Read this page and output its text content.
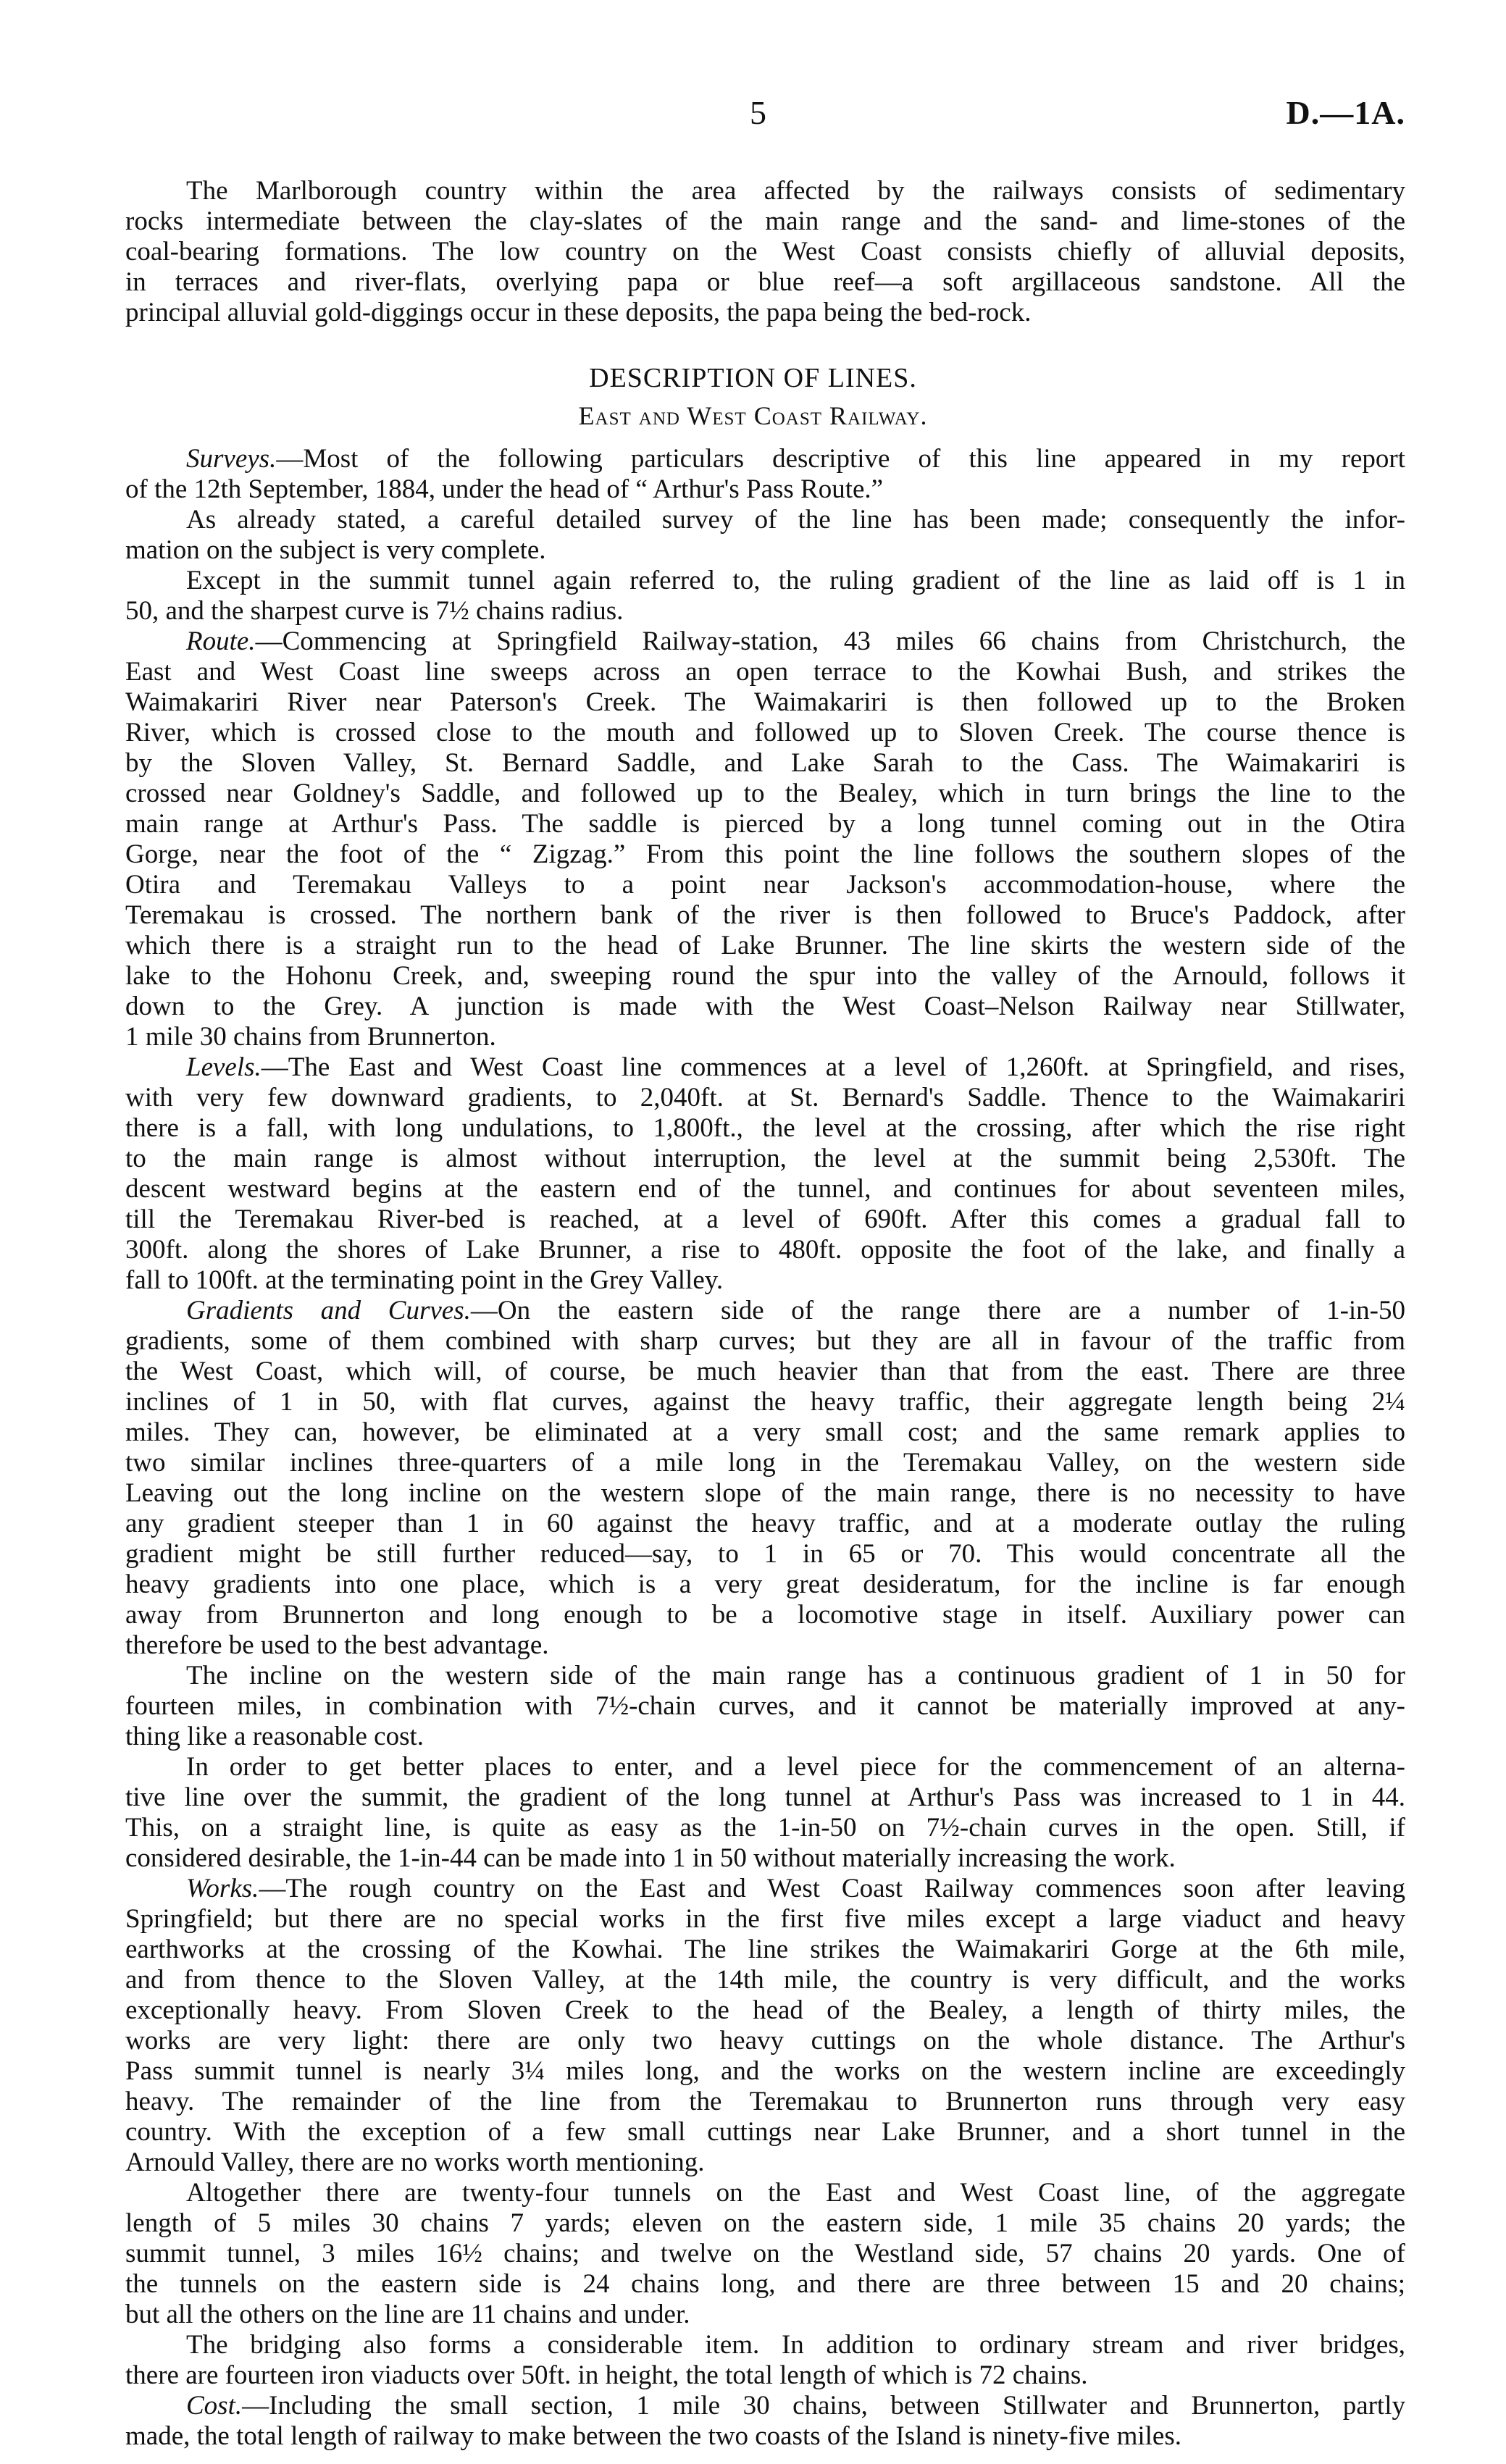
5	D.—1A.
The Marlborough country within the area affected by the railways consists of sedimentary
rocks intermediate between the clay-slates of the main range and the sand- and lime-stones of the
coal-bearing formations. The low country on the West Coast consists chiefly of alluvial deposits,
in terraces and river-flats, overlying papa or blue reef—a soft argillaceous sandstone. All the
principal alluvial gold-diggings occur in these deposits, the papa being the bed-rock.
DESCRIPTION OF LINES.
East and West Coast Railway.
Surveys.—Most of the following particulars descriptive of this line appeared in my report
of the 12th September, 1884, under the head of “ Arthur's Pass Route.”
As already stated, a careful detailed survey of the line has been made; consequently the infor-
mation on the subject is very complete.
Except in the summit tunnel again referred to, the ruling gradient of the line as laid off is 1 in
50, and the sharpest curve is 7½ chains radius.
Route.—Commencing at Springfield Railway-station, 43 miles 66 chains from Christchurch, the
East and West Coast line sweeps across an open terrace to the Kowhai Bush, and strikes the
Waimakariri River near Paterson's Creek. The Waimakariri is then followed up to the Broken
River, which is crossed close to the mouth and followed up to Sloven Creek. The course thence is
by the Sloven Valley, St. Bernard Saddle, and Lake Sarah to the Cass. The Waimakariri is
crossed near Goldney's Saddle, and followed up to the Bealey, which in turn brings the line to the
main range at Arthur's Pass. The saddle is pierced by a long tunnel coming out in the Otira
Gorge, near the foot of the “ Zigzag.” From this point the line follows the southern slopes of the
Otira and Teremakau Valleys to a point near Jackson's accommodation-house, where the
Teremakau is crossed. The northern bank of the river is then followed to Bruce's Paddock, after
which there is a straight run to the head of Lake Brunner. The line skirts the western side of the
lake to the Hohonu Creek, and, sweeping round the spur into the valley of the Arnould, follows it
down to the Grey. A junction is made with the West Coast–Nelson Railway near Stillwater,
1 mile 30 chains from Brunnerton.
Levels.—The East and West Coast line commences at a level of 1,260ft. at Springfield, and rises,
with very few downward gradients, to 2,040ft. at St. Bernard's Saddle. Thence to the Waimakariri
there is a fall, with long undulations, to 1,800ft., the level at the crossing, after which the rise right
to the main range is almost without interruption, the level at the summit being 2,530ft. The
descent westward begins at the eastern end of the tunnel, and continues for about seventeen miles,
till the Teremakau River-bed is reached, at a level of 690ft. After this comes a gradual fall to
300ft. along the shores of Lake Brunner, a rise to 480ft. opposite the foot of the lake, and finally a
fall to 100ft. at the terminating point in the Grey Valley.
Gradients and Curves.—On the eastern side of the range there are a number of 1-in-50
gradients, some of them combined with sharp curves; but they are all in favour of the traffic from
the West Coast, which will, of course, be much heavier than that from the east. There are three
inclines of 1 in 50, with flat curves, against the heavy traffic, their aggregate length being 2¼
miles. They can, however, be eliminated at a very small cost; and the same remark applies to
two similar inclines three-quarters of a mile long in the Teremakau Valley, on the western side
Leaving out the long incline on the western slope of the main range, there is no necessity to have
any gradient steeper than 1 in 60 against the heavy traffic, and at a moderate outlay the ruling
gradient might be still further reduced—say, to 1 in 65 or 70. This would concentrate all the
heavy gradients into one place, which is a very great desideratum, for the incline is far enough
away from Brunnerton and long enough to be a locomotive stage in itself. Auxiliary power can
therefore be used to the best advantage.
The incline on the western side of the main range has a continuous gradient of 1 in 50 for
fourteen miles, in combination with 7½-chain curves, and it cannot be materially improved at any-
thing like a reasonable cost.
In order to get better places to enter, and a level piece for the commencement of an alterna-
tive line over the summit, the gradient of the long tunnel at Arthur's Pass was increased to 1 in 44.
This, on a straight line, is quite as easy as the 1-in-50 on 7½-chain curves in the open. Still, if
considered desirable, the 1-in-44 can be made into 1 in 50 without materially increasing the work.
Works.—The rough country on the East and West Coast Railway commences soon after leaving
Springfield; but there are no special works in the first five miles except a large viaduct and heavy
earthworks at the crossing of the Kowhai. The line strikes the Waimakariri Gorge at the 6th mile,
and from thence to the Sloven Valley, at the 14th mile, the country is very difficult, and the works
exceptionally heavy. From Sloven Creek to the head of the Bealey, a length of thirty miles, the
works are very light: there are only two heavy cuttings on the whole distance. The Arthur's
Pass summit tunnel is nearly 3¼ miles long, and the works on the western incline are exceedingly
heavy. The remainder of the line from the Teremakau to Brunnerton runs through very easy
country. With the exception of a few small cuttings near Lake Brunner, and a short tunnel in the
Arnould Valley, there are no works worth mentioning.
Altogether there are twenty-four tunnels on the East and West Coast line, of the aggregate
length of 5 miles 30 chains 7 yards; eleven on the eastern side, 1 mile 35 chains 20 yards; the
summit tunnel, 3 miles 16½ chains; and twelve on the Westland side, 57 chains 20 yards. One of
the tunnels on the eastern side is 24 chains long, and there are three between 15 and 20 chains;
but all the others on the line are 11 chains and under.
The bridging also forms a considerable item. In addition to ordinary stream and river bridges,
there are fourteen iron viaducts over 50ft. in height, the total length of which is 72 chains.
Cost.—Including the small section, 1 mile 30 chains, between Stillwater and Brunnerton, partly
made, the total length of railway to make between the two coasts of the Island is ninety-five miles.
